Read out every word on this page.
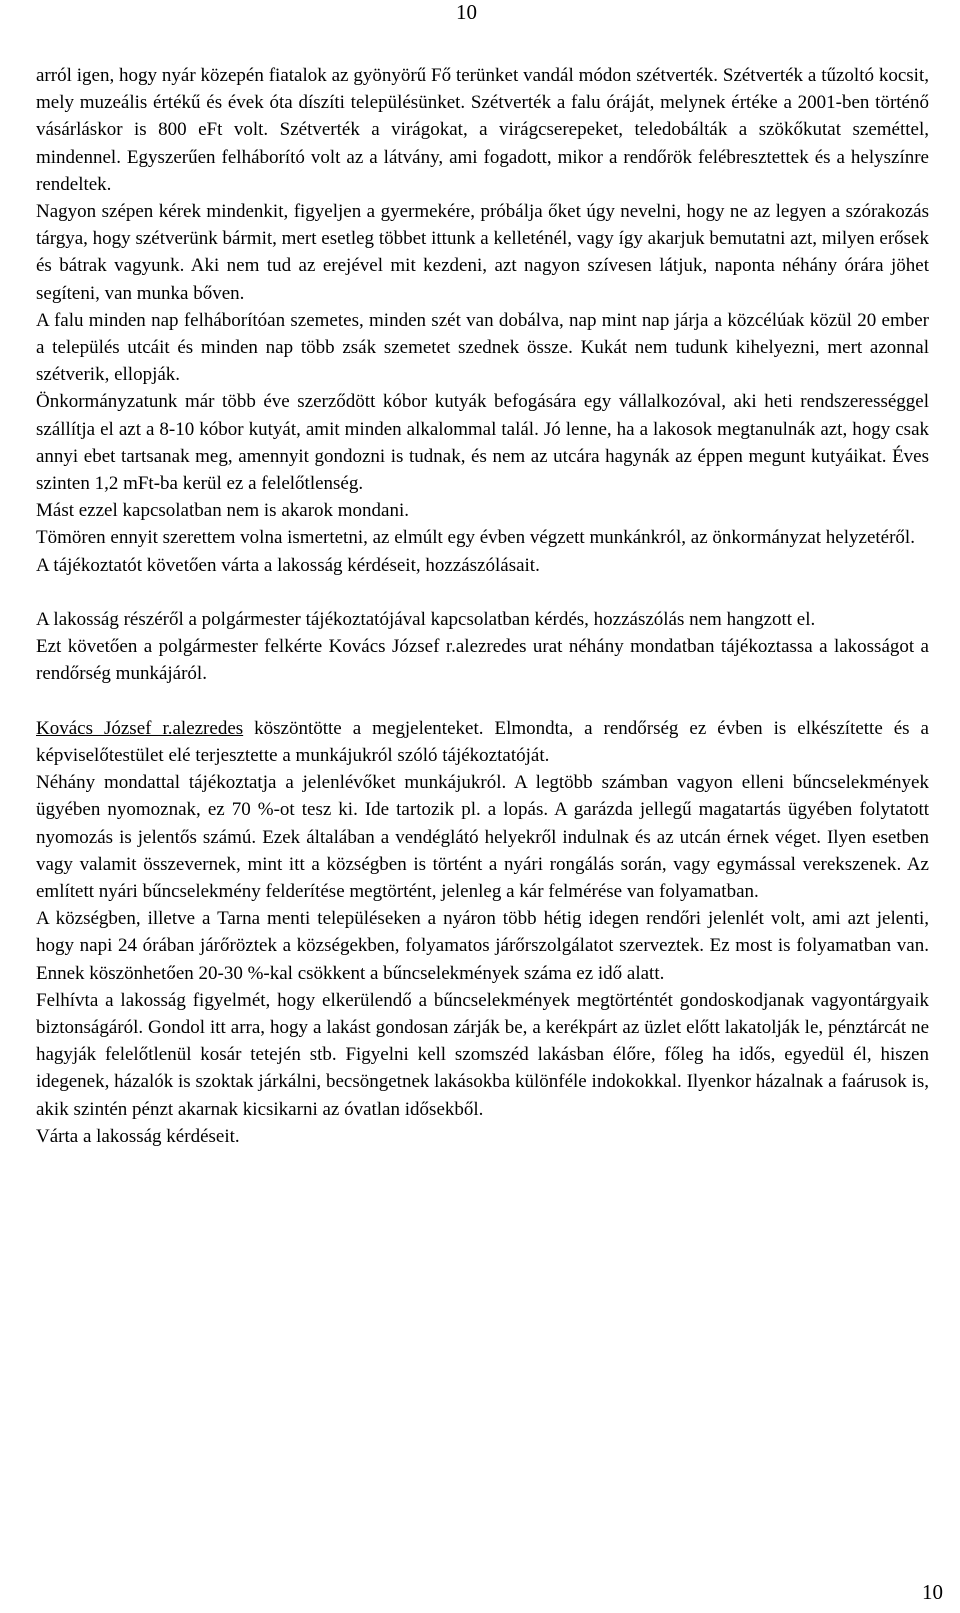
10

arról igen, hogy nyár közepén fiatalok az gyönyörű Fő terünket vandál módon szétverték. Szétverték a tűzoltó kocsit, mely muzeális értékű és évek óta díszíti településünket. Szétverték a falu óráját, melynek értéke a 2001-ben történő vásárláskor is 800 eFt volt. Szétverték a virágokat, a virágcserepeket, teledobálták a szökőkutat szeméttel, mindennel. Egyszerűen felháborító volt az a látvány, ami fogadott, mikor a rendőrök felébresztettek és a helyszínre rendeltek.

Nagyon szépen kérek mindenkit, figyeljen a gyermekére, próbálja őket úgy nevelni, hogy ne az legyen a szórakozás tárgya, hogy szétverünk bármit, mert esetleg többet ittunk a kelleténél, vagy így akarjuk bemutatni azt, milyen erősek és bátrak vagyunk. Aki nem tud az erejével mit kezdeni, azt nagyon szívesen látjuk, naponta néhány órára jöhet segíteni, van munka bőven.

A falu minden nap felháborítóan szemetes, minden szét van dobálva, nap mint nap járja a közcélúak közül 20 ember a település utcáit és minden nap több zsák szemetet szednek össze. Kukát nem tudunk kihelyezni, mert azonnal szétverik, ellopják.

Önkormányzatunk már több éve szerződött kóbor kutyák befogására egy vállalkozóval, aki heti rendszerességgel szállítja el azt a 8-10 kóbor kutyát, amit minden alkalommal talál. Jó lenne, ha a lakosok megtanulnák azt, hogy csak annyi ebet tartsanak meg, amennyit gondozni is tudnak, és nem az utcára hagynák az éppen megunt kutyáikat. Éves szinten 1,2 mFt-ba kerül ez a felelőtlenség.

Mást ezzel kapcsolatban nem is akarok mondani.

Tömören ennyit szerettem volna ismertetni, az elmúlt egy évben végzett munkánkról, az önkormányzat helyzetéről.

A tájékoztatót követően várta a lakosság kérdéseit, hozzászólásait.

A lakosság részéről a polgármester tájékoztatójával kapcsolatban kérdés, hozzászólás nem hangzott el.

Ezt követően a polgármester felkérte Kovács József r.alezredes urat néhány mondatban tájékoztassa a lakosságot a rendőrség munkájáról.

Kovács József r.alezredes köszöntötte a megjelenteket. Elmondta, a rendőrség ez évben is elkészítette és a képviselőtestület elé terjesztette a munkájukról szóló tájékoztatóját.

Néhány mondattal tájékoztatja a jelenlévőket munkájukról. A legtöbb számban vagyon elleni bűncselekmények ügyében nyomoznak, ez 70 %-ot tesz ki. Ide tartozik pl. a lopás. A garázda jellegű magatartás ügyében folytatott nyomozás is jelentős számú. Ezek általában a vendéglátó helyekről indulnak és az utcán érnek véget. Ilyen esetben vagy valamit összevernek, mint itt a községben is történt a nyári rongálás során, vagy egymással verekszenek. Az említett nyári bűncselekmény felderítése megtörtént, jelenleg a kár felmérése van folyamatban.

A községben, illetve a Tarna menti településeken a nyáron több hétig idegen rendőri jelenlét volt, ami azt jelenti, hogy napi 24 órában járőröztek a községekben, folyamatos járőrszolgálatot szerveztek. Ez most is folyamatban van. Ennek köszönhetően 20-30 %-kal csökkent a bűncselekmények száma ez idő alatt.

Felhívta a lakosság figyelmét, hogy elkerülendő a bűncselekmények megtörténtét gondoskodjanak vagyontárgyaik biztonságáról. Gondol itt arra, hogy a lakást gondosan zárják be, a kerékpárt az üzlet előtt lakatolják le, pénztárcát ne hagyják felelőtlenül kosár tetején stb. Figyelni kell szomszéd lakásban élőre, főleg ha idős, egyedül él, hiszen idegenek, házalók is szoktak járkálni, becsöngetnek lakásokba különféle indokokkal. Ilyenkor házalnak a faárusok is, akik szintén pénzt akarnak kicsikarni az óvatlan idősekből.

Várta a lakosság kérdéseit.

10
